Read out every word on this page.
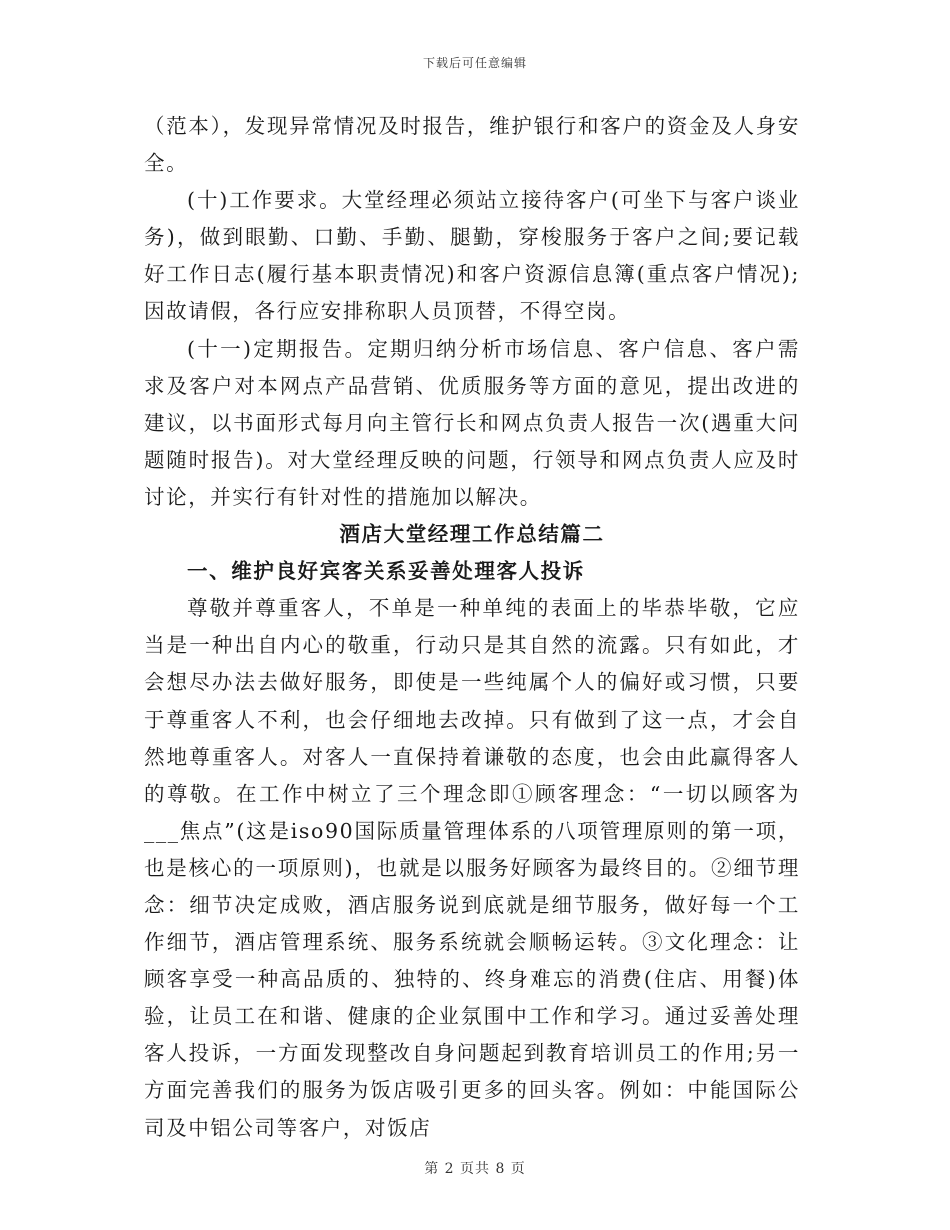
下载后可任意编辑

（范本），发现异常情况及时报告，维护银行和客户的资金及人身安全。

(十)工作要求。大堂经理必须站立接待客户(可坐下与客户谈业务)，做到眼勤、口勤、手勤、腿勤，穿梭服务于客户之间;要记载好工作日志(履行基本职责情况)和客户资源信息簿(重点客户情况);因故请假，各行应安排称职人员顶替，不得空岗。

(十一)定期报告。定期归纳分析市场信息、客户信息、客户需求及客户对本网点产品营销、优质服务等方面的意见，提出改进的建议，以书面形式每月向主管行长和网点负责人报告一次(遇重大问题随时报告)。对大堂经理反映的问题，行领导和网点负责人应及时讨论，并实行有针对性的措施加以解决。

酒店大堂经理工作总结篇二
一、维护良好宾客关系妥善处理客人投诉

尊敬并尊重客人，不单是一种单纯的表面上的毕恭毕敬，它应当是一种出自内心的敬重，行动只是其自然的流露。只有如此，才会想尽办法去做好服务，即使是一些纯属个人的偏好或习惯，只要于尊重客人不利，也会仔细地去改掉。只有做到了这一点，才会自然地尊重客人。对客人一直保持着谦敬的态度，也会由此赢得客人的尊敬。在工作中树立了三个理念即①顾客理念：“一切以顾客为___焦点”(这是iso90国际质量管理体系的八项管理原则的第一项，也是核心的一项原则)，也就是以服务好顾客为最终目的。②细节理念：细节决定成败，酒店服务说到底就是细节服务，做好每一个工作细节，酒店管理系统、服务系统就会顺畅运转。③文化理念：让顾客享受一种高品质的、独特的、终身难忘的消费(住店、用餐)体验，让员工在和谐、健康的企业氛围中工作和学习。通过妥善处理客人投诉，一方面发现整改自身问题起到教育培训员工的作用;另一方面完善我们的服务为饭店吸引更多的回头客。例如：中能国际公司及中铝公司等客户，对饭店

第 2 页共 8 页
